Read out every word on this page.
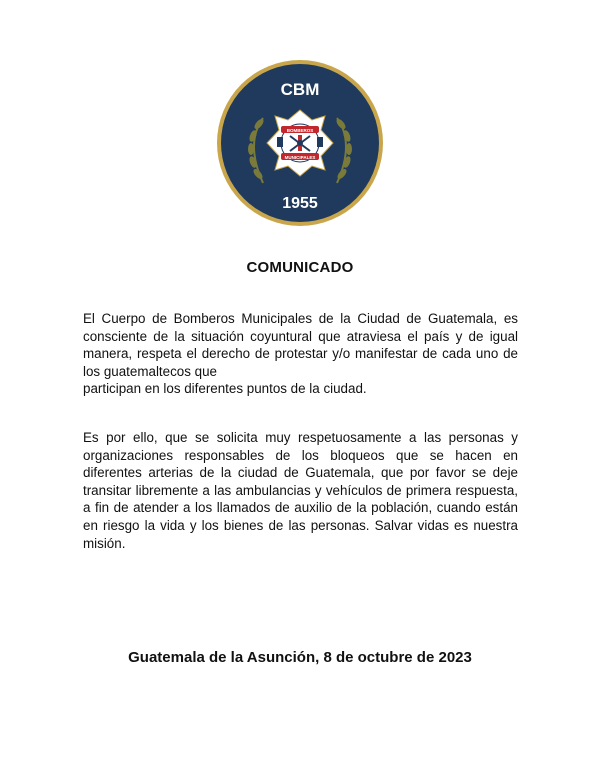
CBM
BOMBEROS
MUNICIPALES
1955
COMUNICADO

El Cuerpo de Bomberos Municipales de la Ciudad de Guatemala, es consciente de la situación coyuntural que atraviesa el país y de igual manera, respeta el derecho de protestar y/o manifestar de cada uno de los guatemaltecos que
participan en los diferentes puntos de la ciudad.

Es por ello, que se solicita muy respetuosamente a las personas y organizaciones responsables de los bloqueos que se hacen en diferentes arterias de la ciudad de Guatemala, que por favor se deje transitar libremente a las ambulancias y vehículos de primera respuesta, a fin de atender a los llamados de auxilio de la población, cuando están en riesgo la vida y los bienes de las personas. Salvar vidas es nuestra misión.

Guatemala de la Asunción, 8 de octubre de 2023
